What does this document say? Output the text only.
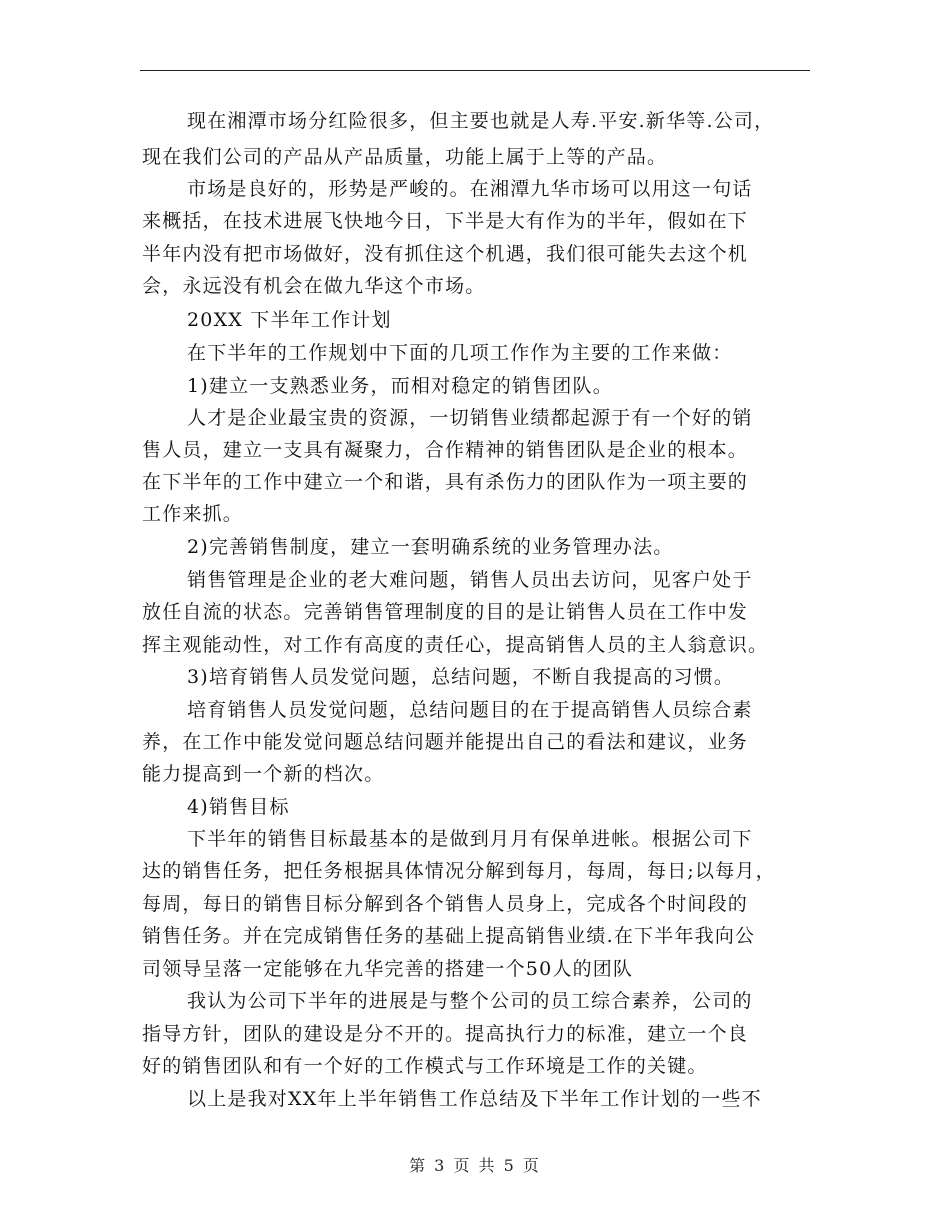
现在湘潭市场分红险很多，但主要也就是人寿.平安.新华等.公司，
现在我们公司的产品从产品质量，功能上属于上等的产品。
市场是良好的，形势是严峻的。在湘潭九华市场可以用这一句话
来概括，在技术进展飞快地今日，下半是大有作为的半年，假如在下
半年内没有把市场做好，没有抓住这个机遇，我们很可能失去这个机
会，永远没有机会在做九华这个市场。
20XX 下半年工作计划
在下半年的工作规划中下面的几项工作作为主要的工作来做：
1)建立一支熟悉业务，而相对稳定的销售团队。
人才是企业最宝贵的资源，一切销售业绩都起源于有一个好的销
售人员，建立一支具有凝聚力，合作精神的销售团队是企业的根本。
在下半年的工作中建立一个和谐，具有杀伤力的团队作为一项主要的
工作来抓。
2)完善销售制度，建立一套明确系统的业务管理办法。
销售管理是企业的老大难问题，销售人员出去访问，见客户处于
放任自流的状态。完善销售管理制度的目的是让销售人员在工作中发
挥主观能动性，对工作有高度的责任心，提高销售人员的主人翁意识。
3)培育销售人员发觉问题，总结问题，不断自我提高的习惯。
培育销售人员发觉问题，总结问题目的在于提高销售人员综合素
养，在工作中能发觉问题总结问题并能提出自己的看法和建议，业务
能力提高到一个新的档次。
4)销售目标
下半年的销售目标最基本的是做到月月有保单进帐。根据公司下
达的销售任务，把任务根据具体情况分解到每月，每周，每日;以每月，
每周，每日的销售目标分解到各个销售人员身上，完成各个时间段的
销售任务。并在完成销售任务的基础上提高销售业绩.在下半年我向公
司领导呈落一定能够在九华完善的搭建一个50人的团队
我认为公司下半年的进展是与整个公司的员工综合素养，公司的
指导方针，团队的建设是分不开的。提高执行力的标准，建立一个良
好的销售团队和有一个好的工作模式与工作环境是工作的关键。
以上是我对XX年上半年销售工作总结及下半年工作计划的一些不
第 3 页 共 5 页
